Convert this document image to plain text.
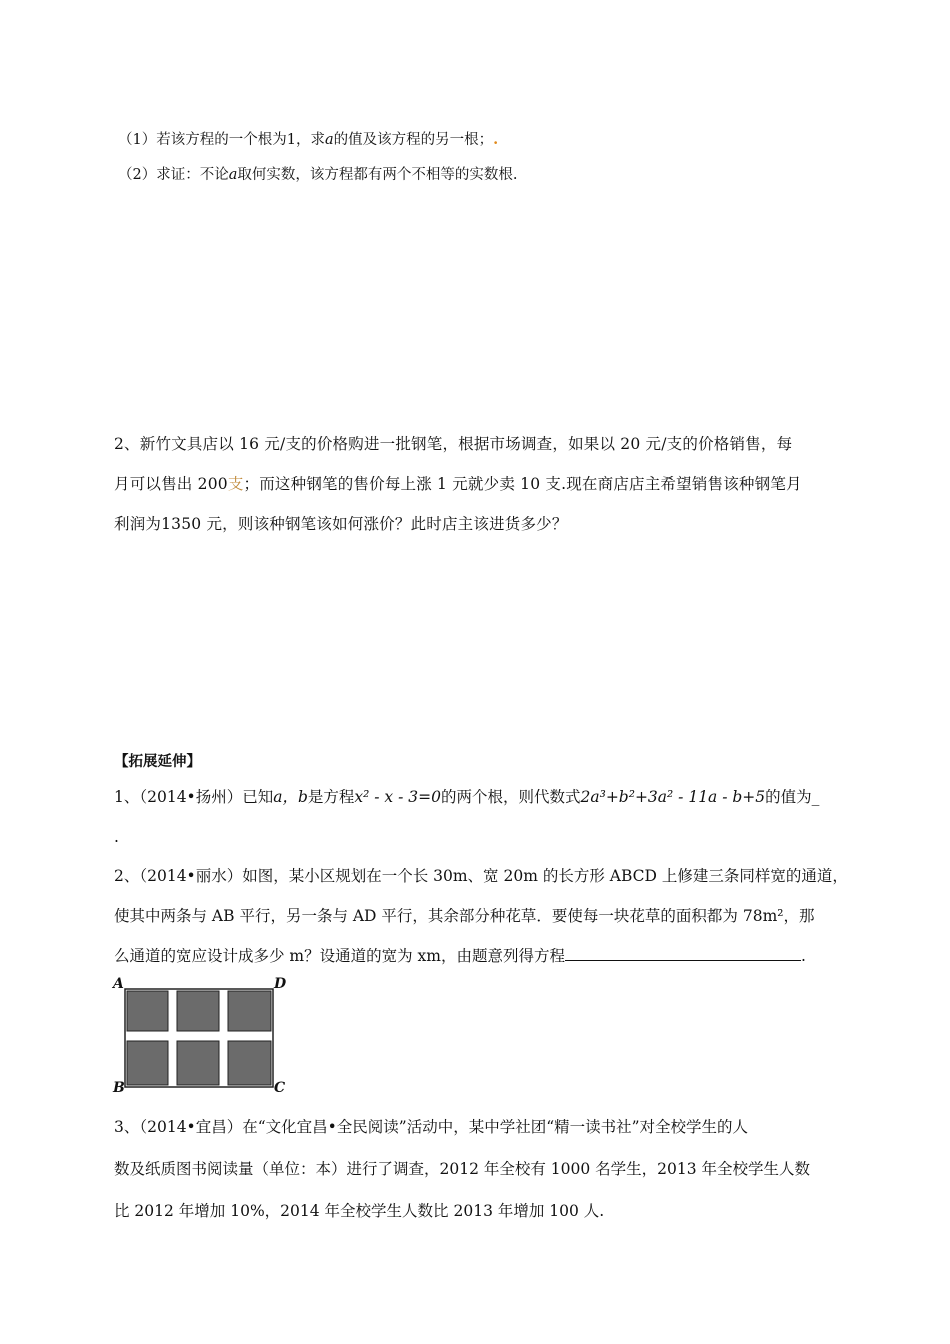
（1）若该方程的一个根为1，求a的值及该方程的另一根；.
（2）求证：不论a取何实数，该方程都有两个不相等的实数根.
2、新竹文具店以 16 元/支的价格购进一批钢笔，根据市场调查，如果以 20 元/支的价格销售，每
月可以售出 200支；而这种钢笔的售价每上涨 1 元就少卖 10 支.现在商店店主希望销售该种钢笔月
利润为1350 元，则该种钢笔该如何涨价？此时店主该进货多少？
【拓展延伸】
1、（2014•扬州）已知a，b是方程x² - x - 3=0的两个根，则代数式2a³+b²+3a² - 11a - b+5的值为_
.
2、（2014•丽水）如图，某小区规划在一个长 30m、宽 20m 的长方形 ABCD 上修建三条同样宽的通道，
使其中两条与 AB 平行，另一条与 AD 平行，其余部分种花草．要使每一块花草的面积都为 78m²，那
么通道的宽应设计成多少 m？设通道的宽为 xm，由题意列得方程	.
A	D
B	C
3、（2014•宜昌）在“文化宜昌•全民阅读”活动中，某中学社团“精一读书社”对全校学生的人
数及纸质图书阅读量（单位：本）进行了调查，2012 年全校有 1000 名学生，2013 年全校学生人数
比 2012 年增加 10%，2014 年全校学生人数比 2013 年增加 100 人.
